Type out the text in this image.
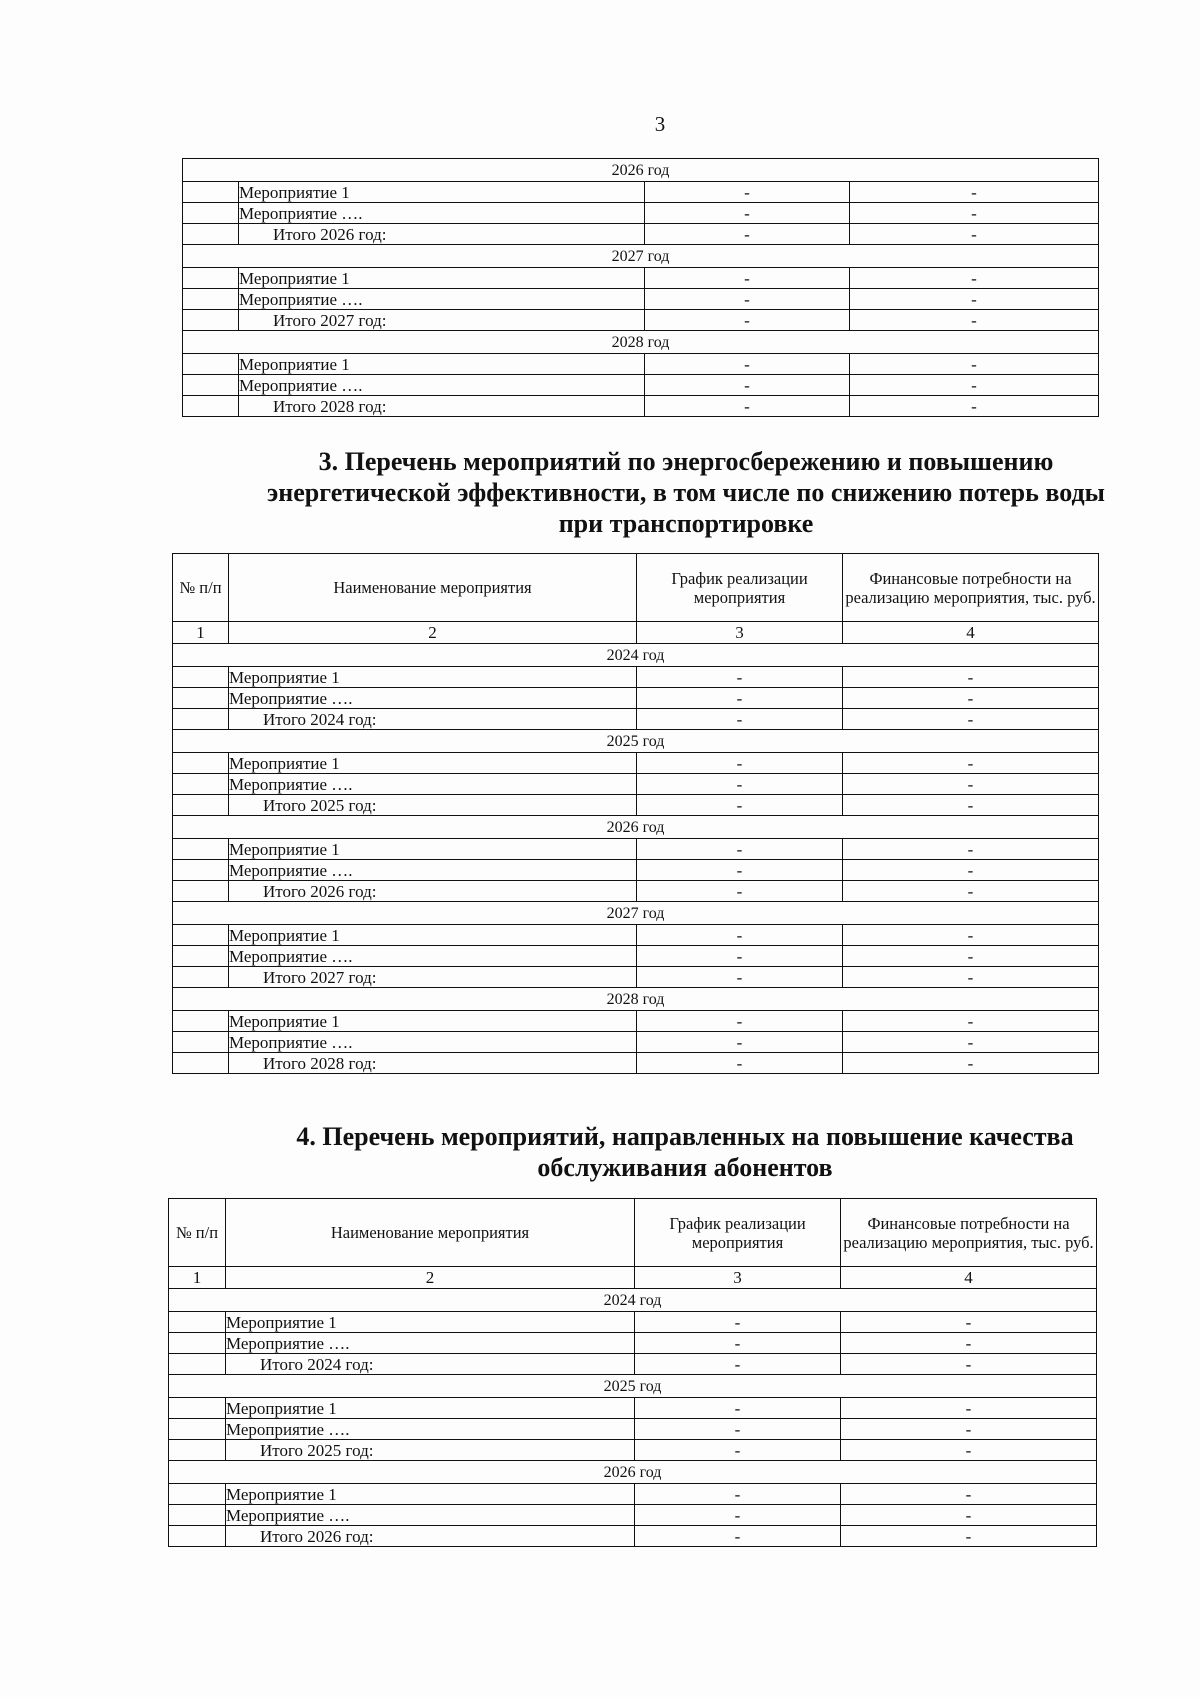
3
2026 год			
	Мероприятие 1	-	-
	Мероприятие ….	-	-
	Итого 2026 год:	-	-
2027 год			
	Мероприятие 1	-	-
	Мероприятие ….	-	-
	Итого 2027 год:	-	-
2028 год			
	Мероприятие 1	-	-
	Мероприятие ….	-	-
	Итого 2028 год:	-	-
3. Перечень мероприятий по энергосбережению и повышению энергетической эффективности, в том числе по снижению потерь воды при транспортировке
№ п/п	Наименование мероприятия	График реализации мероприятия	Финансовые потребности на реализацию мероприятия, тыс. руб.
1	2	3	4
2024 год			
	Мероприятие 1	-	-
	Мероприятие ….	-	-
	Итого 2024 год:	-	-
2025 год			
	Мероприятие 1	-	-
	Мероприятие ….	-	-
	Итого 2025 год:	-	-
2026 год			
	Мероприятие 1	-	-
	Мероприятие ….	-	-
	Итого 2026 год:	-	-
2027 год			
	Мероприятие 1	-	-
	Мероприятие ….	-	-
	Итого 2027 год:	-	-
2028 год			
	Мероприятие 1	-	-
	Мероприятие ….	-	-
	Итого 2028 год:	-	-
4. Перечень мероприятий, направленных на повышение качества обслуживания абонентов
№ п/п	Наименование мероприятия	График реализации мероприятия	Финансовые потребности на реализацию мероприятия, тыс. руб.
1	2	3	4
2024 год			
	Мероприятие 1	-	-
	Мероприятие ….	-	-
	Итого 2024 год:	-	-
2025 год			
	Мероприятие 1	-	-
	Мероприятие ….	-	-
	Итого 2025 год:	-	-
2026 год			
	Мероприятие 1	-	-
	Мероприятие ….	-	-
	Итого 2026 год:	-	-
